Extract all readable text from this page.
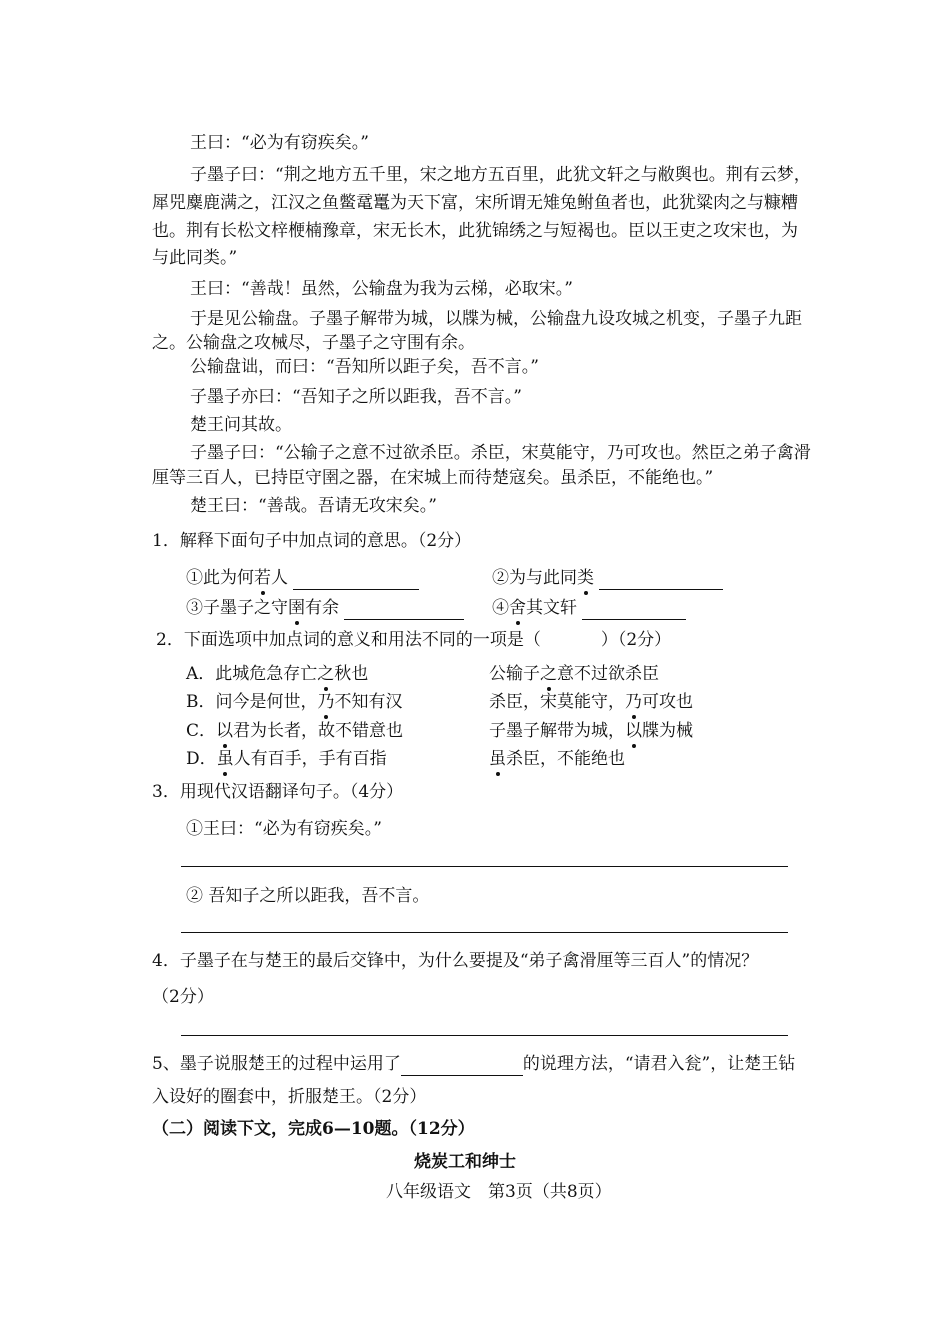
王曰：“必为有窃疾矣。”
子墨子曰：“荆之地方五千里，宋之地方五百里，此犹文轩之与敝舆也。荆有云梦，
犀兕麋鹿满之，江汉之鱼鳖鼋鼍为天下富，宋所谓无雉兔鲋鱼者也，此犹粱肉之与糠糟
也。荆有长松文梓楩楠豫章，宋无长木，此犹锦绣之与短褐也。臣以王吏之攻宋也，为
与此同类。”
王曰：“善哉！虽然，公输盘为我为云梯，必取宋。”
于是见公输盘。子墨子解带为城，以牒为械，公输盘九设攻城之机变，子墨子九距
之。公输盘之攻械尽，子墨子之守围有余。
公输盘诎，而曰：“吾知所以距子矣，吾不言。”
子墨子亦曰：“吾知子之所以距我，吾不言。”
楚王问其故。
子墨子曰：“公输子之意不过欲杀臣。杀臣，宋莫能守，乃可攻也。然臣之弟子禽滑
厘等三百人，已持臣守圉之器，在宋城上而待楚寇矣。虽杀臣，不能绝也。”
楚王曰：“善哉。吾请无攻宋矣。”
1．解释下面句子中加点词的意思。（2分）
①此为何若人	②为与此同类
③子墨子之守圉有余	④舍其文轩
2．下面选项中加点词的意义和用法不同的一项是（	）（2分）
A．此城危急存亡之秋也	公输子之意不过欲杀臣
B．问今是何世，乃不知有汉	杀臣，宋莫能守，乃可攻也
C．以君为长者，故不错意也	子墨子解带为城，以牒为械
D．虽人有百手，手有百指	虽杀臣，不能绝也
3．用现代汉语翻译句子。（4分）
①王曰：“必为有窃疾矣。”
② 吾知子之所以距我，吾不言。
4．子墨子在与楚王的最后交锋中，为什么要提及“弟子禽滑厘等三百人”的情况？
（2分）
5、墨子说服楚王的过程中运用了	的说理方法，“请君入瓮”，让楚王钻
入设好的圈套中，折服楚王。（2分）
（二）阅读下文，完成6—10题。（12分）
烧炭工和绅士
八年级语文　第3页（共8页）
